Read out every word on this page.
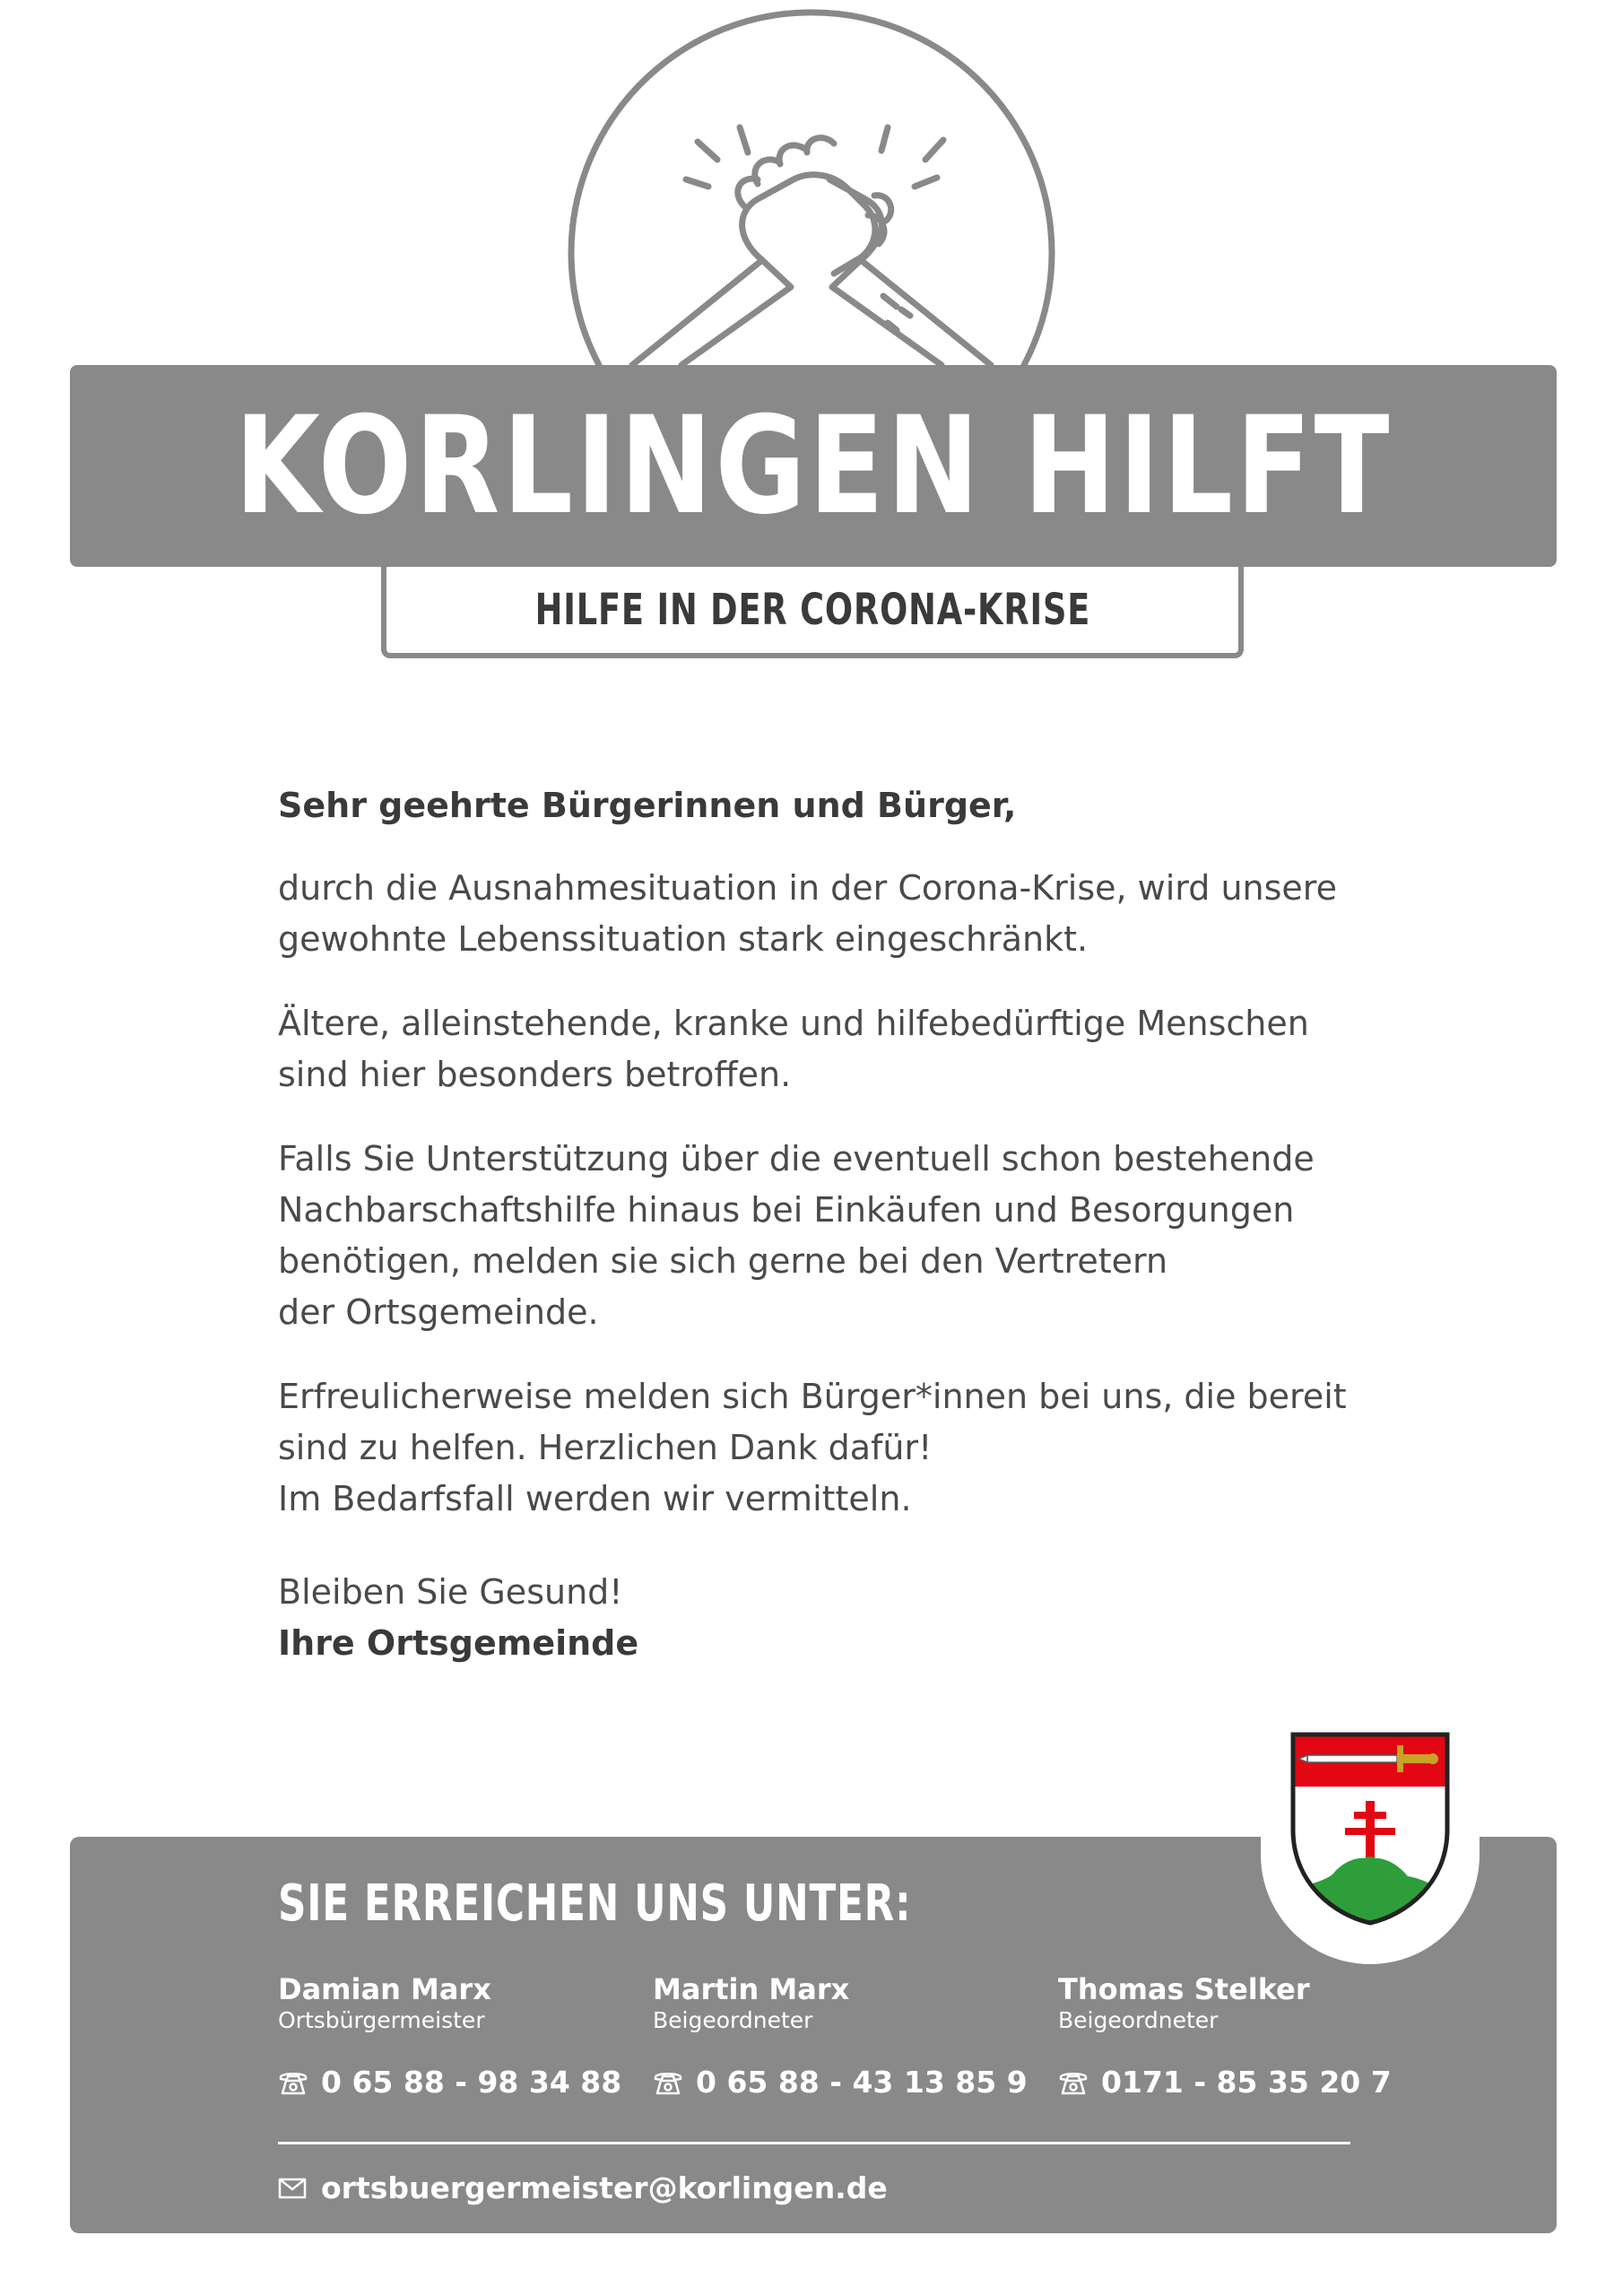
KORLINGEN HILFT
HILFE IN DER CORONA-KRISE

Sehr geehrte Bürgerinnen und Bürger,

durch die Ausnahmesituation in der Corona-Krise, wird unsere
gewohnte Lebenssituation stark eingeschränkt.

Ältere, alleinstehende, kranke und hilfebedürftige Menschen
sind hier besonders betroffen.

Falls Sie Unterstützung über die eventuell schon bestehende
Nachbarschaftshilfe hinaus bei Einkäufen und Besorgungen
benötigen, melden sie sich gerne bei den Vertretern
der Ortsgemeinde.

Erfreulicherweise melden sich Bürger*innen bei uns, die bereit
sind zu helfen. Herzlichen Dank dafür!
Im Bedarfsfall werden wir vermitteln.

Bleiben Sie Gesund!

Ihre Ortsgemeinde

SIE ERREICHEN UNS UNTER:
Damian Marx
Ortsbürgermeister
0 65 88 - 98 34 88
Martin Marx
Beigeordneter
0 65 88 - 43 13 85 9
Thomas Stelker
Beigeordneter
0171 - 85 35 20 7
ortsbuergermeister@korlingen.de
